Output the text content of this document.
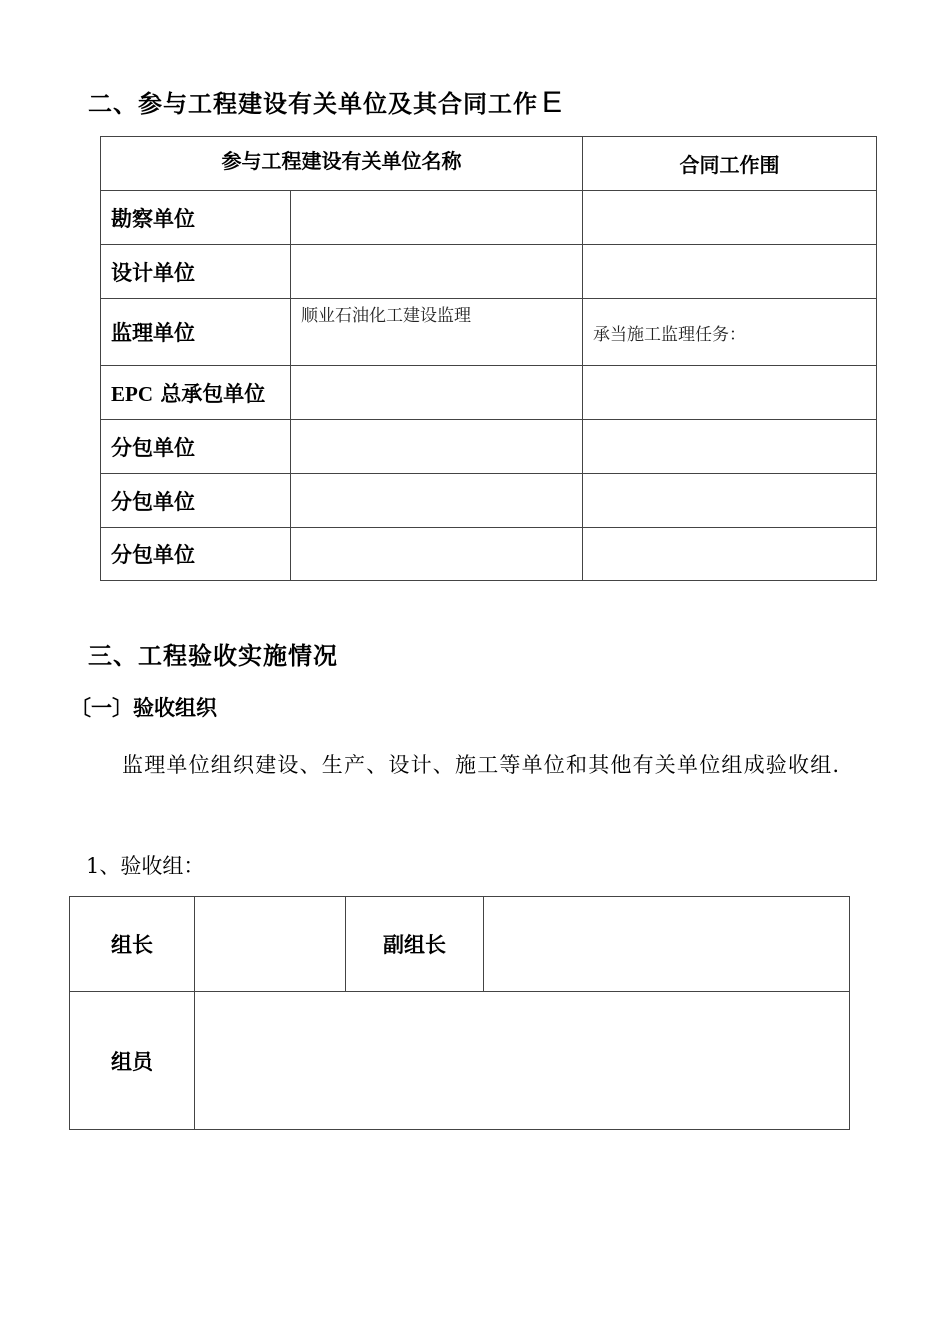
二、参与工程建设有关单位及其合同工作 E
参与工程建设有关单位名称		合同工作围
勘察单位		
设计单位		
监理单位	顺业石油化工建设监理	承当施工监理任务：
EPC 总承包单位		
分包单位		
分包单位		
分包单位		
三、工程验收实施情况
〔一〕验收组织
监理单位组织建设、生产、设计、施工等单位和其他有关单位组成验收组.
1、验收组：
组长		副组长	
组员			
